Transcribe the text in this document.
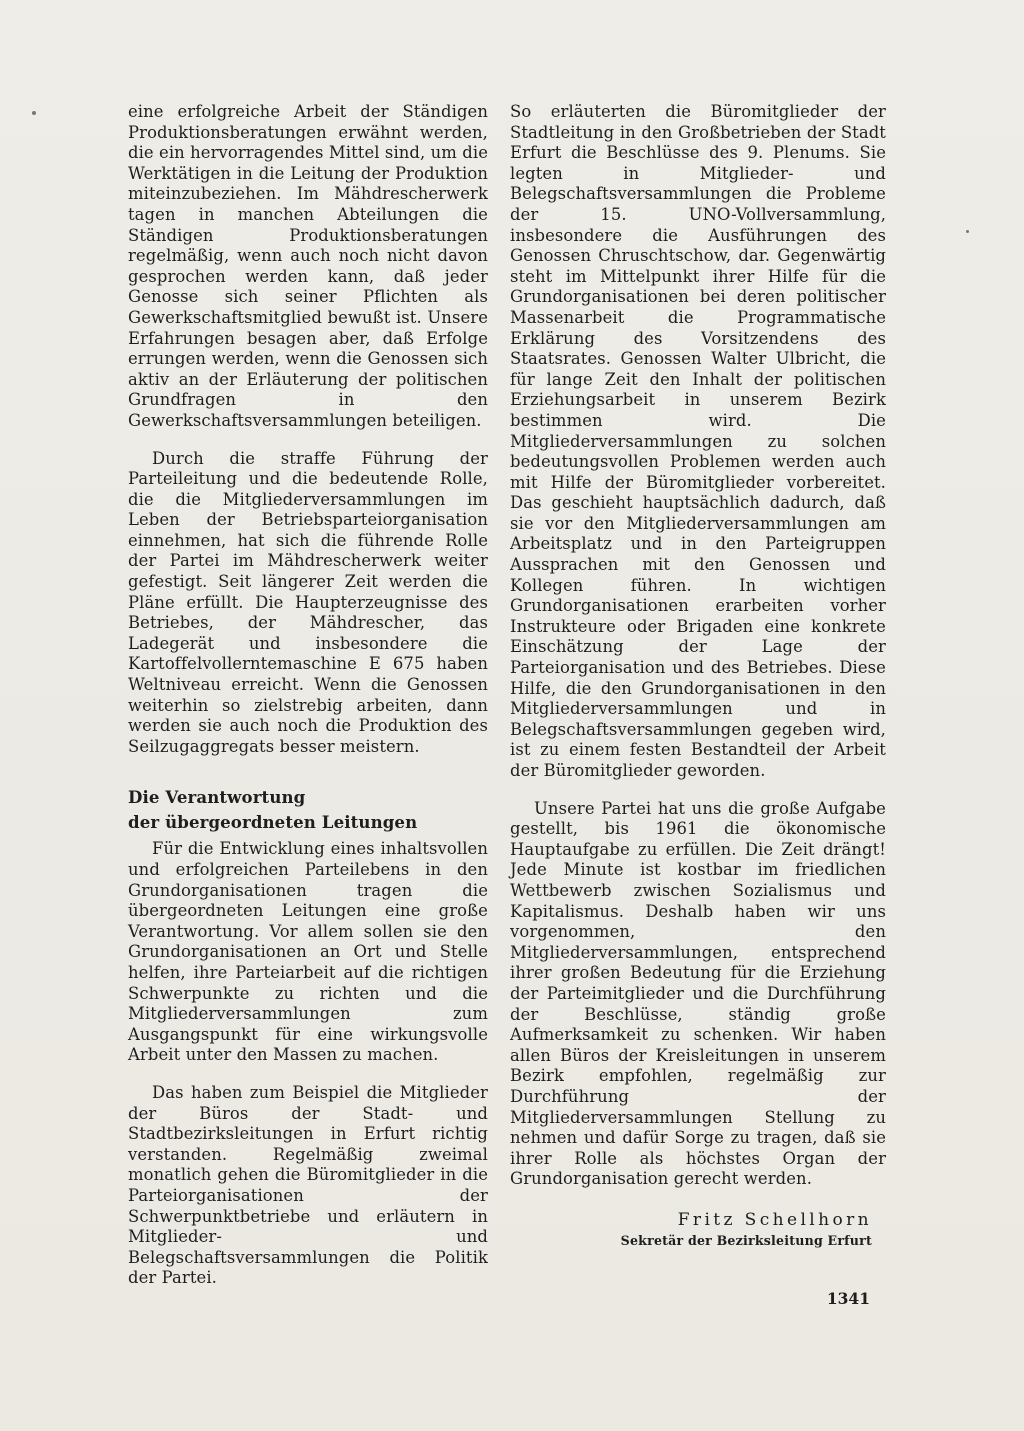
eine erfolgreiche Arbeit der Ständigen Produktionsberatungen erwähnt werden, die ein hervorragendes Mittel sind, um die Werktätigen in die Leitung der Produktion miteinzubeziehen. Im Mähdrescherwerk tagen in manchen Abteilungen die Ständigen Produktionsberatungen regelmäßig, wenn auch noch nicht davon gesprochen werden kann, daß jeder Genosse sich seiner Pflichten als Gewerkschaftsmitglied bewußt ist. Unsere Erfahrungen besagen aber, daß Erfolge errungen werden, wenn die Genossen sich aktiv an der Erläuterung der politischen Grundfragen in den Gewerkschaftsversammlungen beteiligen.

Durch die straffe Führung der Parteileitung und die bedeutende Rolle, die die Mitgliederversammlungen im Leben der Betriebsparteiorganisation einnehmen, hat sich die führende Rolle der Partei im Mähdrescherwerk weiter gefestigt. Seit längerer Zeit werden die Pläne erfüllt. Die Haupterzeugnisse des Betriebes, der Mähdrescher, das Ladegerät und insbesondere die Kartoffelvollerntemaschine E 675 haben Weltniveau erreicht. Wenn die Genossen weiterhin so zielstrebig arbeiten, dann werden sie auch noch die Produktion des Seilzugaggregats besser meistern.

Die Verantwortung

der übergeordneten Leitungen

Für die Entwicklung eines inhaltsvollen und erfolgreichen Parteilebens in den Grundorganisationen tragen die übergeordneten Leitungen eine große Verantwortung. Vor allem sollen sie den Grundorganisationen an Ort und Stelle helfen, ihre Parteiarbeit auf die richtigen Schwerpunkte zu richten und die Mitgliederversammlungen zum Ausgangspunkt für eine wirkungsvolle Arbeit unter den Massen zu machen.

Das haben zum Beispiel die Mitglieder der Büros der Stadt- und Stadtbezirksleitungen in Erfurt richtig verstanden. Regelmäßig zweimal monatlich gehen die Büromitglieder in die Parteiorganisationen der Schwerpunktbetriebe und erläutern in Mitglieder- und Belegschaftsversammlungen die Politik der Partei.

So erläuterten die Büromitglieder der Stadtleitung in den Großbetrieben der Stadt Erfurt die Beschlüsse des 9. Plenums. Sie legten in Mitglieder- und Belegschaftsversammlungen die Probleme der 15. UNO-Vollversammlung, insbesondere die Ausführungen des Genossen Chruschtschow, dar. Gegenwärtig steht im Mittelpunkt ihrer Hilfe für die Grundorganisationen bei deren politischer Massenarbeit die Programmatische Erklärung des Vorsitzendens des Staatsrates. Genossen Walter Ulbricht, die für lange Zeit den Inhalt der politischen Erziehungsarbeit in unserem Bezirk bestimmen wird. Die Mitgliederversammlungen zu solchen bedeutungsvollen Problemen werden auch mit Hilfe der Büromitglieder vorbereitet. Das geschieht hauptsächlich dadurch, daß sie vor den Mitgliederversammlungen am Arbeitsplatz und in den Parteigruppen Aussprachen mit den Genossen und Kollegen führen. In wichtigen Grundorganisationen erarbeiten vorher Instrukteure oder Brigaden eine konkrete Einschätzung der Lage der Parteiorganisation und des Betriebes. Diese Hilfe, die den Grundorganisationen in den Mitgliederversammlungen und in Belegschaftsversammlungen gegeben wird, ist zu einem festen Bestandteil der Arbeit der Büromitglieder geworden.

Unsere Partei hat uns die große Aufgabe gestellt, bis 1961 die ökonomische Hauptaufgabe zu erfüllen. Die Zeit drängt! Jede Minute ist kostbar im friedlichen Wettbewerb zwischen Sozialismus und Kapitalismus. Deshalb haben wir uns vorgenommen, den Mitgliederversammlungen, entsprechend ihrer großen Bedeutung für die Erziehung der Parteimitglieder und die Durchführung der Beschlüsse, ständig große Aufmerksamkeit zu schenken. Wir haben allen Büros der Kreisleitungen in unserem Bezirk empfohlen, regelmäßig zur Durchführung der Mitgliederversammlungen Stellung zu nehmen und dafür Sorge zu tragen, daß sie ihrer Rolle als höchstes Organ der Grundorganisation gerecht werden.

Fritz Schellhorn

Sekretär der Bezirksleitung Erfurt

1341
